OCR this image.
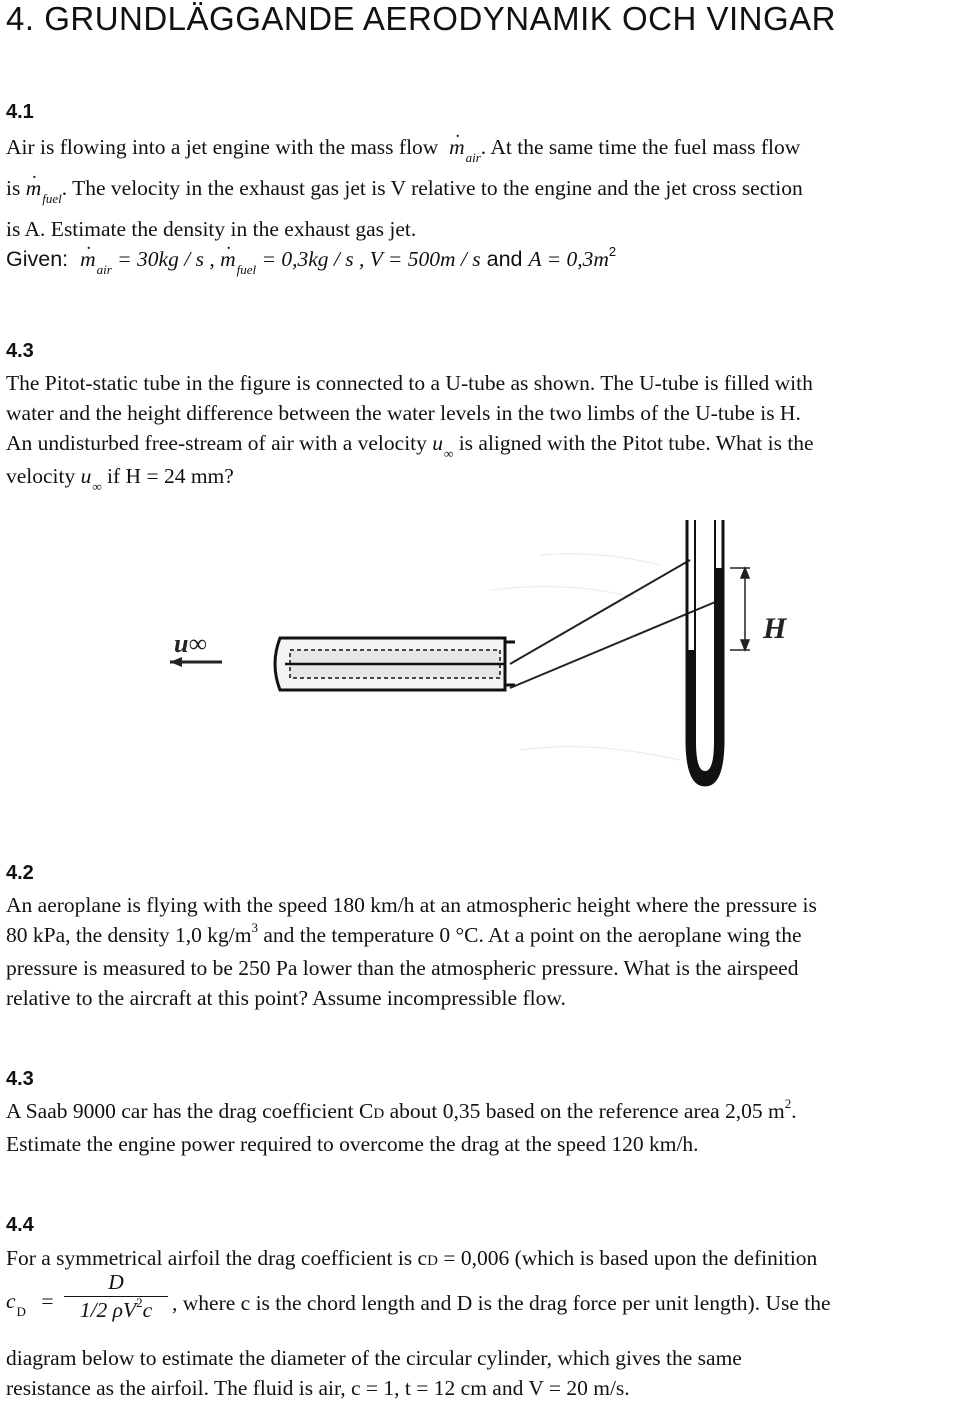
4. GRUNDLÄGGANDE AERODYNAMIK OCH VINGAR
4.1
Air is flowing into a jet engine with the mass flow ˙ $m_{air}$. At the same time the fuel mass flow
is ˙ $m_{fuel}$. The velocity in the exhaust gas jet is V relative to the engine and the jet cross section
is A. Estimate the density in the exhaust gas jet.
Given: ˙ $m_{air} = 30kg / s$ , ˙ $m_{fuel} = 0,3kg / s$ , V = 500m / s and $A = 0,3m^2$
4.3
The Pitot-static tube in the figure is connected to a U-tube as shown. The U-tube is filled with
water and the height difference between the water levels in the two limbs of the U-tube is H.
An undisturbed free-stream of air with a velocity $u_\infty$ is aligned with the Pitot tube. What is the
velocity $u_\infty$ if H = 24 mm?
u∞	H
4.2
An aeroplane is flying with the speed 180 km/h at an atmospheric height where the pressure is
80 kPa, the density 1,0 $kg/m^3$ and the temperature 0 °C. At a point on the aeroplane wing the
pressure is measured to be 250 Pa lower than the atmospheric pressure. What is the airspeed
relative to the aircraft at this point? Assume incompressible flow.
4.3
A Saab 9000 car has the drag coefficient CD about 0,35 based on the reference area 2,05 $m^2$.
Estimate the engine power required to overcome the drag at the speed 120 km/h.
4.4
For a symmetrical airfoil the drag coefficient is cD = 0,006 (which is based upon the definition
$c_D = \frac{D}{1/2 \rho V^2c}$ , where c is the chord length and D is the drag force per unit length). Use the
diagram below to estimate the diameter of the circular cylinder, which gives the same
resistance as the airfoil. The fluid is air, c = 1, t = 12 cm and V = 20 m/s.
